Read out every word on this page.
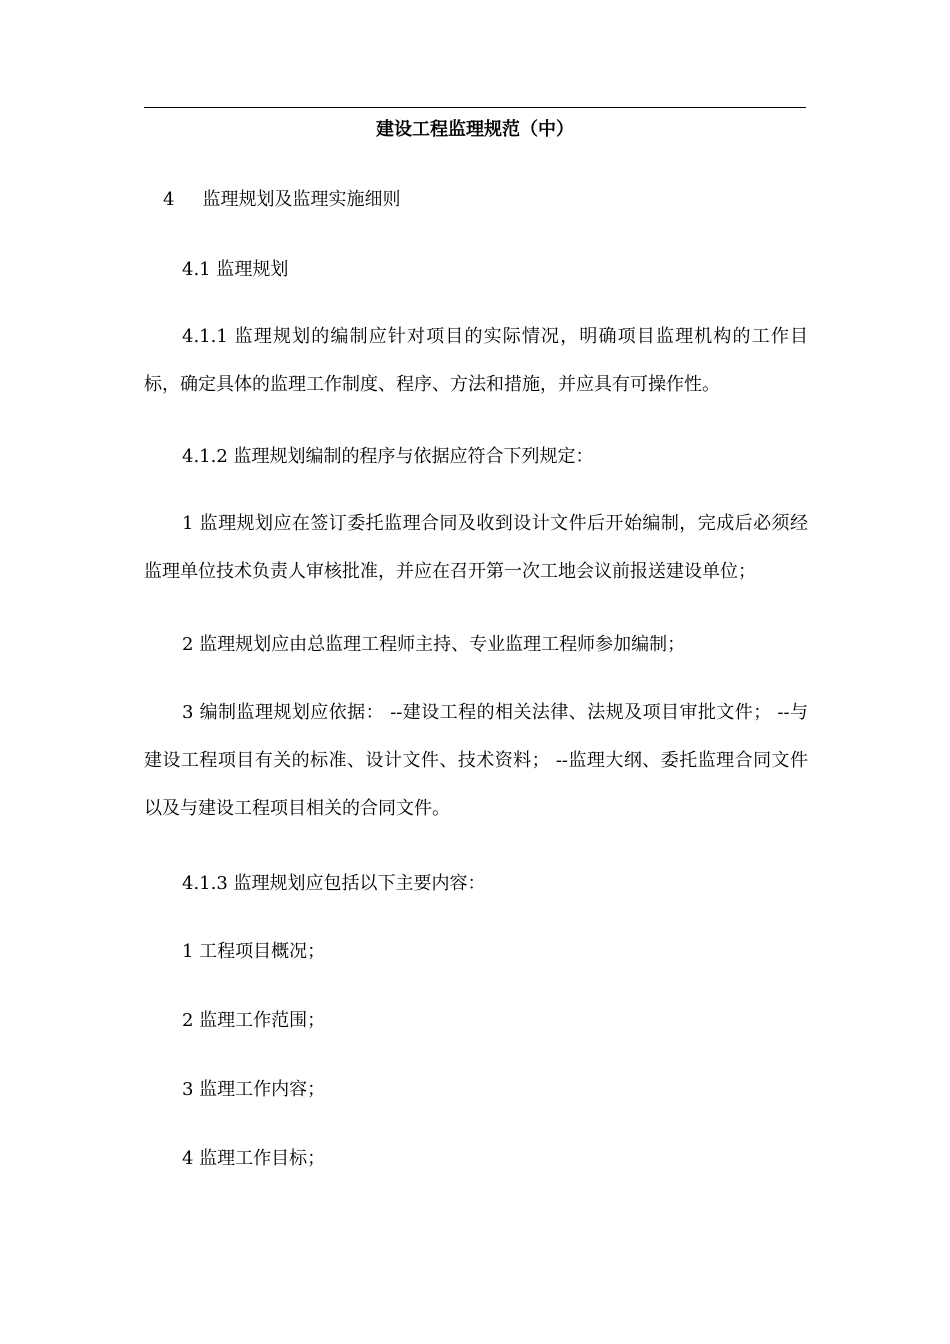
建设工程监理规范（中）
4 监理规划及监理实施细则
4.1 监理规划
4.1.1 监理规划的编制应针对项目的实际情况，明确项目监理机构的工作目标，确定具体的监理工作制度、程序、方法和措施，并应具有可操作性。
4.1.2 监理规划编制的程序与依据应符合下列规定：
1 监理规划应在签订委托监理合同及收到设计文件后开始编制，完成后必须经监理单位技术负责人审核批准，并应在召开第一次工地会议前报送建设单位；
2 监理规划应由总监理工程师主持、专业监理工程师参加编制；
3 编制监理规划应依据： --建设工程的相关法律、法规及项目审批文件； --与建设工程项目有关的标准、设计文件、技术资料； --监理大纲、委托监理合同文件以及与建设工程项目相关的合同文件。
4.1.3 监理规划应包括以下主要内容：
1 工程项目概况；
2 监理工作范围；
3 监理工作内容；
4 监理工作目标；
